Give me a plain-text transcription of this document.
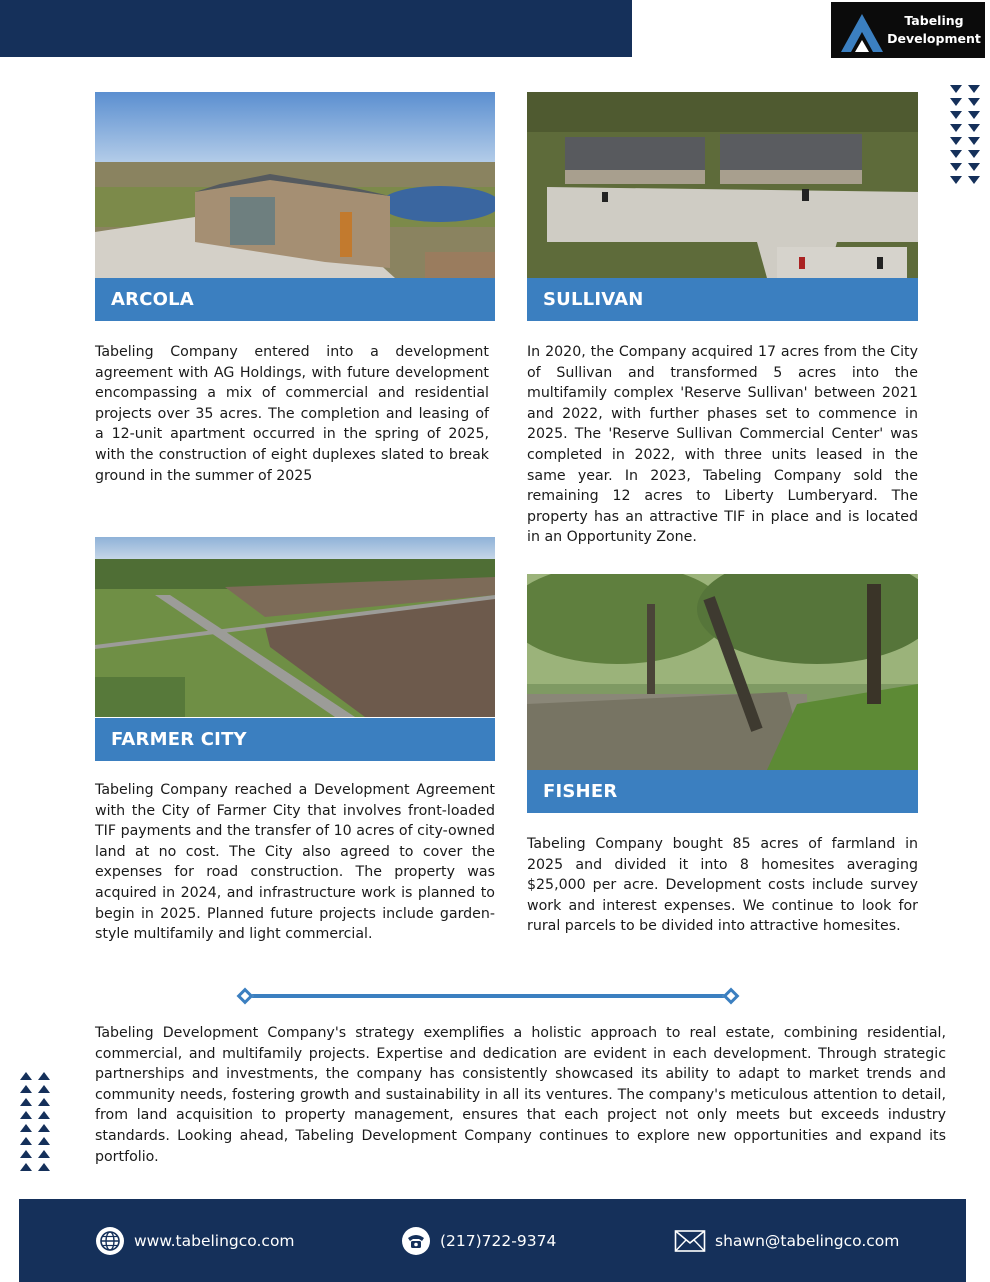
Tabeling
Development
ARCOLA
Tabeling Company entered into a development agreement with AG Holdings, with future development encompassing a mix of commercial and residential projects over 35 acres. The completion and leasing of a 12-unit apartment occurred in the spring of 2025, with the construction of eight duplexes slated to break ground in the summer of 2025
SULLIVAN
In 2020, the Company acquired 17 acres from the City of Sullivan and transformed 5 acres into the multifamily complex 'Reserve Sullivan' between 2021 and 2022, with further phases set to commence in 2025. The 'Reserve Sullivan Commercial Center' was completed in 2022, with three units leased in the same year. In 2023, Tabeling Company sold the remaining 12 acres to Liberty Lumberyard. The property has an attractive TIF in place and is located in an Opportunity Zone.
FARMER CITY
Tabeling Company reached a Development Agreement with the City of Farmer City that involves front-loaded TIF payments and the transfer of 10 acres of city-owned land at no cost. The City also agreed to cover the expenses for road construction. The property was acquired in 2024, and infrastructure work is planned to begin in 2025. Planned future projects include garden-style multifamily and light commercial.
FISHER
Tabeling Company bought 85 acres of farmland in 2025 and divided it into 8 homesites averaging $25,000 per acre. Development costs include survey work and interest expenses. We continue to look for rural parcels to be divided into attractive homesites.
Tabeling Development Company's strategy exemplifies a holistic approach to real estate, combining residential, commercial, and multifamily projects. Expertise and dedication are evident in each development. Through strategic partnerships and investments, the company has consistently showcased its ability to adapt to market trends and community needs, fostering growth and sustainability in all its ventures. The company's meticulous attention to detail, from land acquisition to property management, ensures that each project not only meets but exceeds industry standards. Looking ahead, Tabeling Development Company continues to explore new opportunities and expand its portfolio.
www.tabelingco.com	(217)722-9374	shawn@tabelingco.com
